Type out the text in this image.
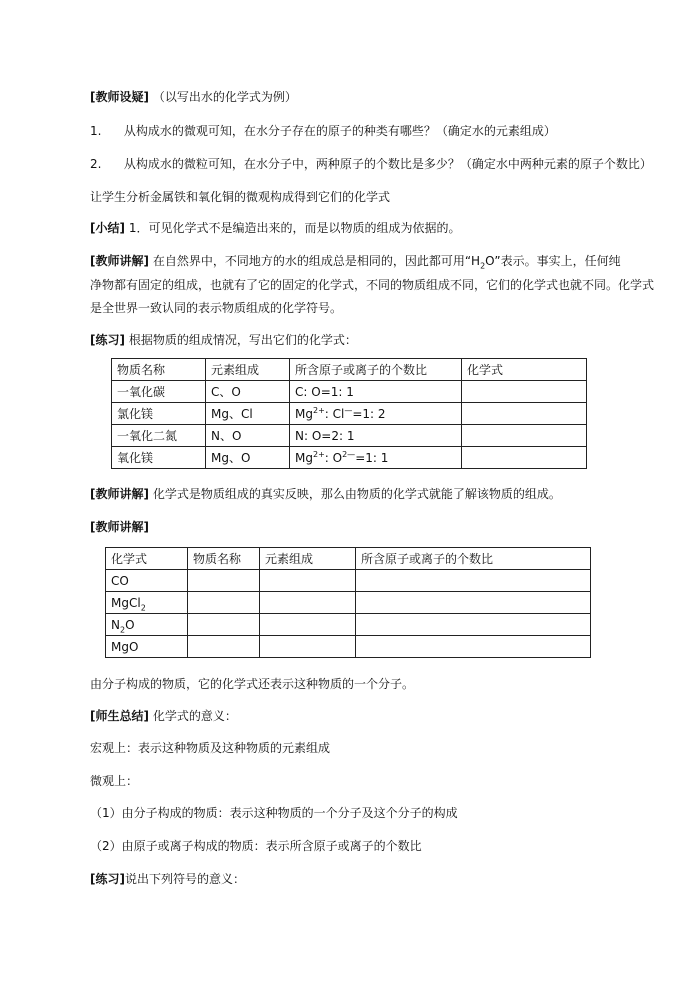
[教师设疑] （以写出水的化学式为例）
1. 从构成水的微观可知，在水分子存在的原子的种类有哪些？（确定水的元素组成）
2. 从构成水的微粒可知，在水分子中，两种原子的个数比是多少？（确定水中两种元素的原子个数比）
让学生分析金属铁和氧化铜的微观构成得到它们的化学式
[小结] 1．可见化学式不是编造出来的，而是以物质的组成为依据的。
[教师讲解] 在自然界中，不同地方的水的组成总是相同的，因此都可用“$H_2O$”表示。事实上，任何纯
净物都有固定的组成，也就有了它的固定的化学式，不同的物质组成不同，它们的化学式也就不同。化学式
是全世界一致认同的表示物质组成的化学符号。
[练习] 根据物质的组成情况，写出它们的化学式：
物质名称	元素组成	所含原子或离子的个数比	化学式
一氧化碳	C、O	C: O=1: 1	
氯化镁	Mg、Cl	$Mg^{2+}$: Cl—=1: 2	
一氧化二氮	N、O	N: O=2: 1	
氧化镁	Mg、O	$Mg^{2+}$: $O^{2—}=1$: 1	
[教师讲解] 化学式是物质组成的真实反映，那么由物质的化学式就能了解该物质的组成。
[教师讲解]
化学式	物质名称	元素组成	所含原子或离子的个数比
CO			
MgCl$_2$			
$N_2O$			
MgO			
由分子构成的物质，它的化学式还表示这种物质的一个分子。
[师生总结] 化学式的意义：
宏观上：表示这种物质及这种物质的元素组成
微观上：
（1）由分子构成的物质：表示这种物质的一个分子及这个分子的构成
（2）由原子或离子构成的物质：表示所含原子或离子的个数比
[练习]说出下列符号的意义：
